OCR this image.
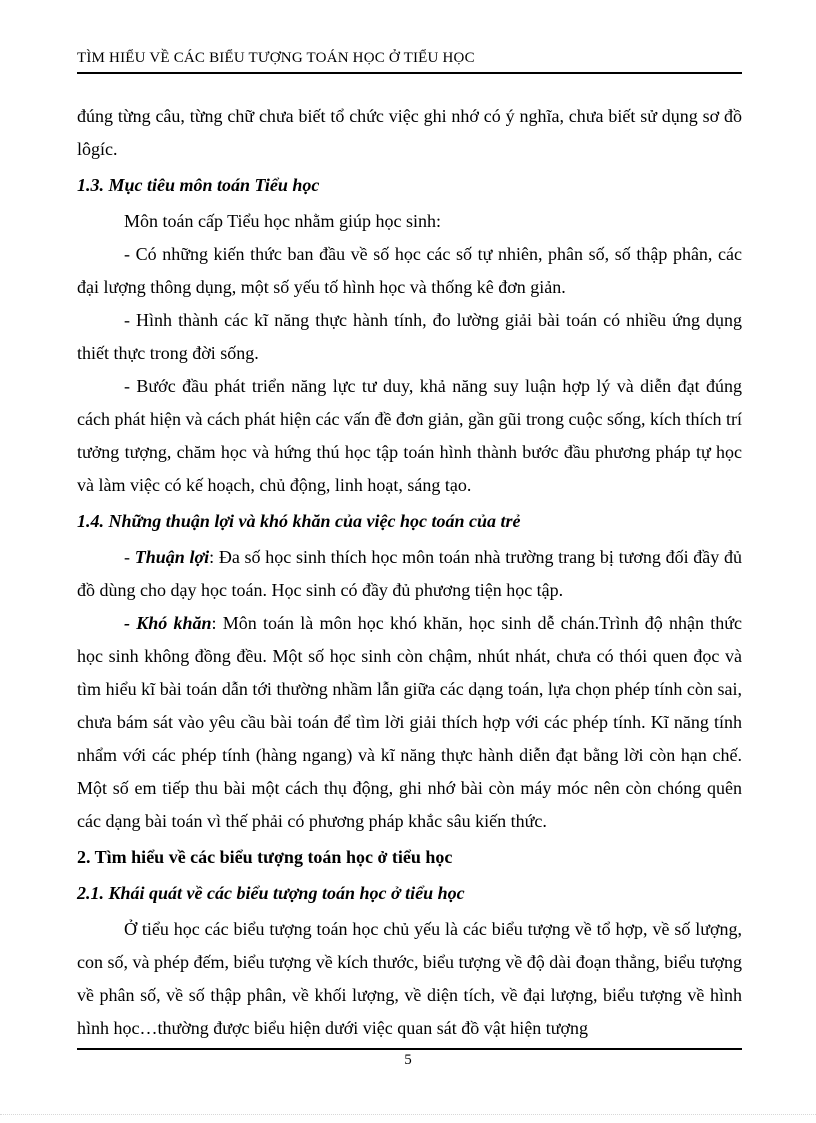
TÌM HIỂU VỀ CÁC BIỂU TƯỢNG TOÁN HỌC Ở TIỂU HỌC

đúng từng câu, từng chữ chưa biết tổ chức việc ghi nhớ có ý nghĩa, chưa biết sử dụng sơ đồ lôgíc.

1.3. Mục tiêu môn toán Tiểu học

Môn toán cấp Tiểu học nhằm giúp học sinh:

- Có những kiến thức ban đầu về số học các số tự nhiên, phân số, số thập phân, các đại lượng thông dụng, một số yếu tố hình học và thống kê đơn giản.

- Hình thành các kĩ năng thực hành tính, đo lường giải bài toán có nhiều ứng dụng thiết thực trong đời sống.

- Bước đầu phát triển năng lực tư duy, khả năng suy luận hợp lý và diễn đạt đúng cách phát hiện và cách phát hiện các vấn đề đơn giản, gần gũi trong cuộc sống, kích thích trí tưởng tượng, chăm học và hứng thú học tập toán hình thành bước đầu phương pháp tự học và làm việc có kế hoạch, chủ động, linh hoạt, sáng tạo.

1.4. Những thuận lợi và khó khăn của việc học toán của trẻ

- Thuận lợi: Đa số học sinh thích học môn toán nhà trường trang bị tương đối đầy đủ đồ dùng cho dạy học toán. Học sinh có đầy đủ phương tiện học tập.

- Khó khăn: Môn toán là môn học khó khăn, học sinh dễ chán.Trình độ nhận thức học sinh không đồng đều. Một số học sinh còn chậm, nhút nhát, chưa có thói quen đọc và tìm hiểu kĩ bài toán dẫn tới thường nhầm lẫn giữa các dạng toán, lựa chọn phép tính còn sai, chưa bám sát vào yêu cầu bài toán để tìm lời giải thích hợp với các phép tính. Kĩ năng tính nhẩm với các phép tính (hàng ngang) và kĩ năng thực hành diễn đạt bằng lời còn hạn chế. Một số em tiếp thu bài một cách thụ động, ghi nhớ bài còn máy móc nên còn chóng quên các dạng bài toán vì thế phải có phương pháp khắc sâu kiến thức.

2. Tìm hiểu về các biểu tượng toán học ở tiểu học

2.1. Khái quát về các biểu tượng toán học ở tiểu học

Ở tiểu học các biểu tượng toán học chủ yếu là các biểu tượng về tổ hợp, về số lượng, con số, và phép đếm, biểu tượng về kích thước, biểu tượng về độ dài đoạn thẳng, biểu tượng về phân số, về số thập phân, về khối lượng, về diện tích, về đại lượng, biểu tượng về hình hình học…thường được biểu hiện dưới việc quan sát đồ vật hiện tượng

5
